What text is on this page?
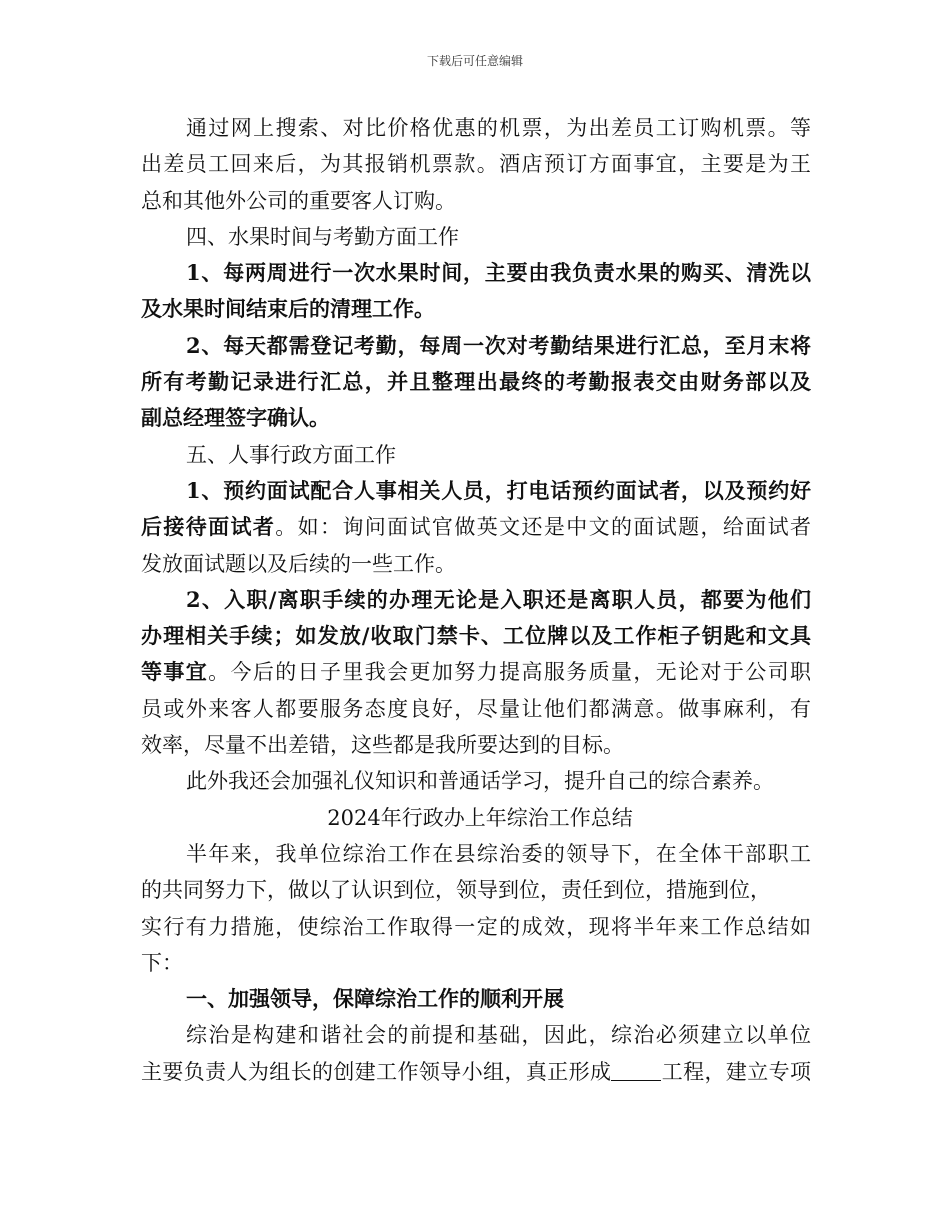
下载后可任意编辑
通过网上搜索、对比价格优惠的机票，为出差员工订购机票。等
出差员工回来后，为其报销机票款。酒店预订方面事宜，主要是为王
总和其他外公司的重要客人订购。
四、水果时间与考勤方面工作
1、每两周进行一次水果时间，主要由我负责水果的购买、清洗以
及水果时间结束后的清理工作。
2、每天都需登记考勤，每周一次对考勤结果进行汇总，至月末将
所有考勤记录进行汇总，并且整理出最终的考勤报表交由财务部以及
副总经理签字确认。
五、人事行政方面工作
1、预约面试配合人事相关人员，打电话预约面试者，以及预约好
后接待面试者。如：询问面试官做英文还是中文的面试题，给面试者
发放面试题以及后续的一些工作。
2、入职/离职手续的办理无论是入职还是离职人员，都要为他们
办理相关手续；如发放/收取门禁卡、工位牌以及工作柜子钥匙和文具
等事宜。今后的日子里我会更加努力提高服务质量，无论对于公司职
员或外来客人都要服务态度良好，尽量让他们都满意。做事麻利，有
效率，尽量不出差错，这些都是我所要达到的目标。
此外我还会加强礼仪知识和普通话学习，提升自己的综合素养。
2024年行政办上年综治工作总结
半年来，我单位综治工作在县综治委的领导下，在全体干部职工
的共同努力下，做以了认识到位，领导到位，责任到位，措施到位，
实行有力措施，使综治工作取得一定的成效，现将半年来工作总结如
下：
一、加强领导，保障综治工作的顺利开展
综治是构建和谐社会的前提和基础，因此，综治必须建立以单位
主要负责人为组长的创建工作领导小组，真正形成 工程，建立专项
